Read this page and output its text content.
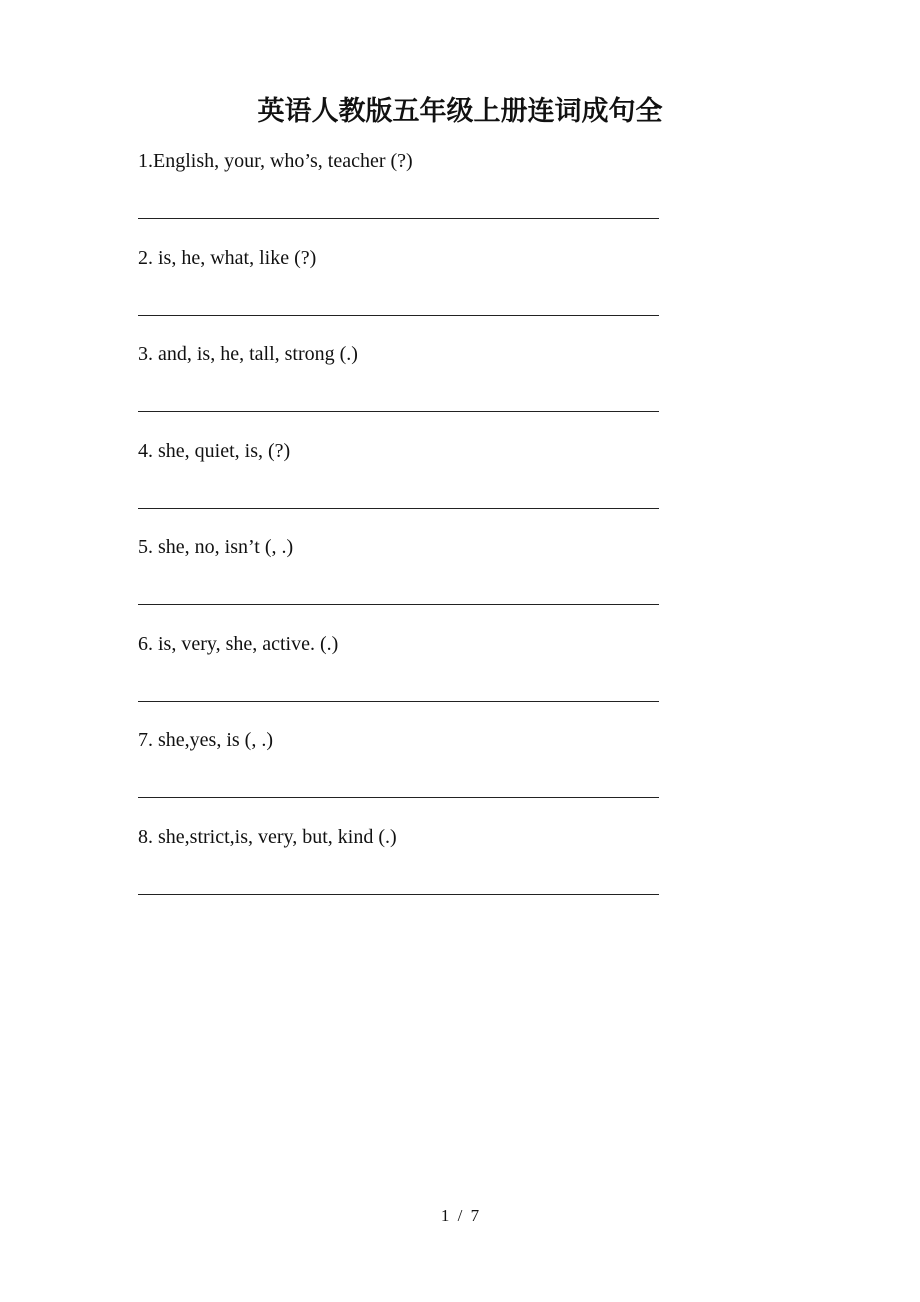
英语人教版五年级上册连词成句全
1.English, your, who’s, teacher (?)
2. is, he, what, like (?)
3. and, is, he, tall, strong (.)
4. she, quiet, is, (?)
5. she, no, isn’t (, .)
6. is, very, she, active. (.)
7. she,yes, is (, .)
8. she,strict,is, very, but, kind (.)
1 / 7
